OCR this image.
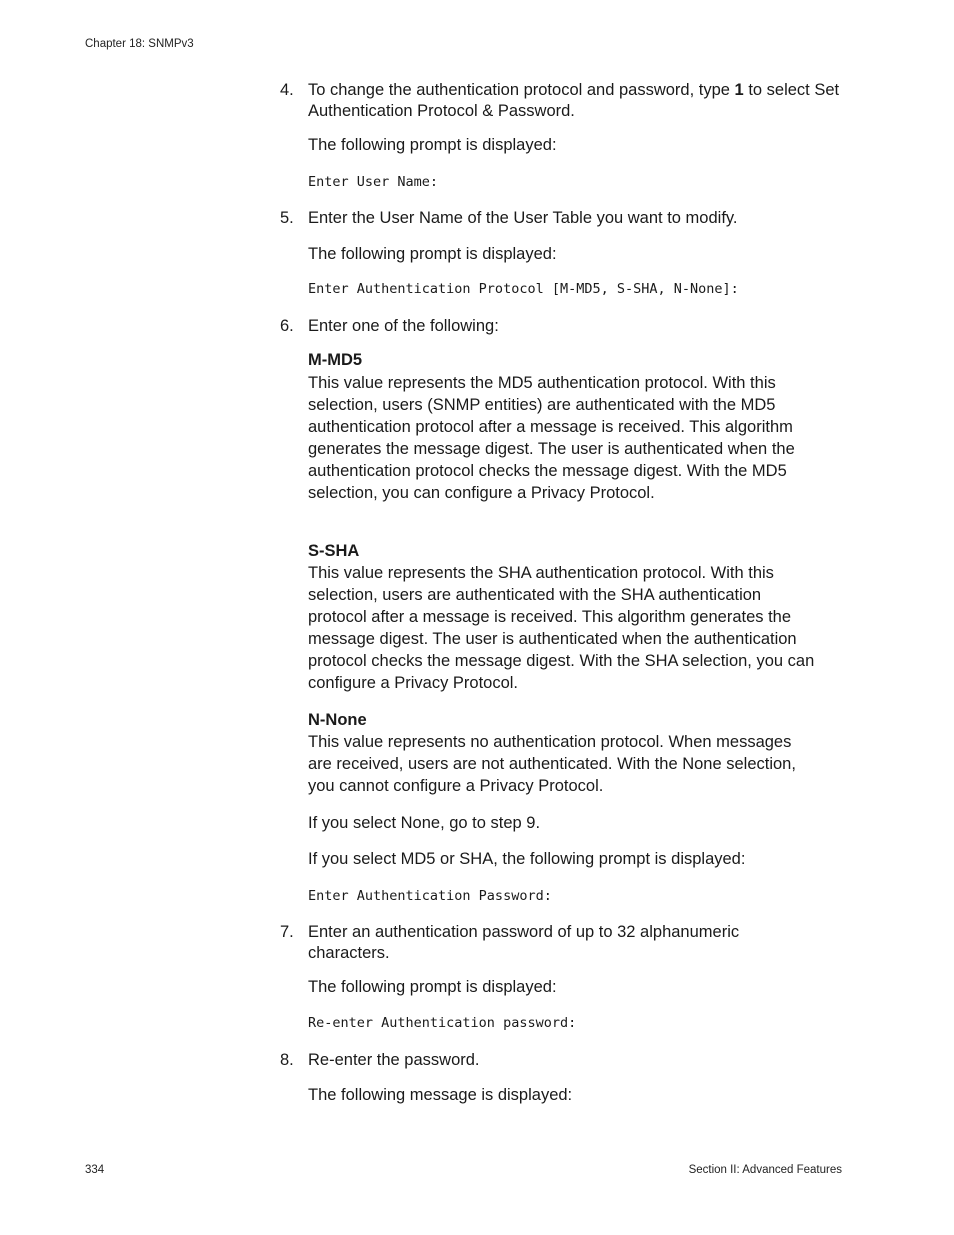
Chapter 18: SNMPv3
4. To change the authentication protocol and password, type 1 to select Set Authentication Protocol & Password.
The following prompt is displayed:
Enter User Name:
5. Enter the User Name of the User Table you want to modify.
The following prompt is displayed:
Enter Authentication Protocol [M-MD5, S-SHA, N-None]:
6. Enter one of the following:
M-MD5
This value represents the MD5 authentication protocol. With this selection, users (SNMP entities) are authenticated with the MD5 authentication protocol after a message is received. This algorithm generates the message digest. The user is authenticated when the authentication protocol checks the message digest. With the MD5 selection, you can configure a Privacy Protocol.
S-SHA
This value represents the SHA authentication protocol. With this selection, users are authenticated with the SHA authentication protocol after a message is received. This algorithm generates the message digest. The user is authenticated when the authentication protocol checks the message digest. With the SHA selection, you can configure a Privacy Protocol.
N-None
This value represents no authentication protocol. When messages are received, users are not authenticated. With the None selection, you cannot configure a Privacy Protocol.
If you select None, go to step 9.
If you select MD5 or SHA, the following prompt is displayed:
Enter Authentication Password:
7. Enter an authentication password of up to 32 alphanumeric characters.
The following prompt is displayed:
Re-enter Authentication password:
8. Re-enter the password.
The following message is displayed:
334	Section II: Advanced Features
